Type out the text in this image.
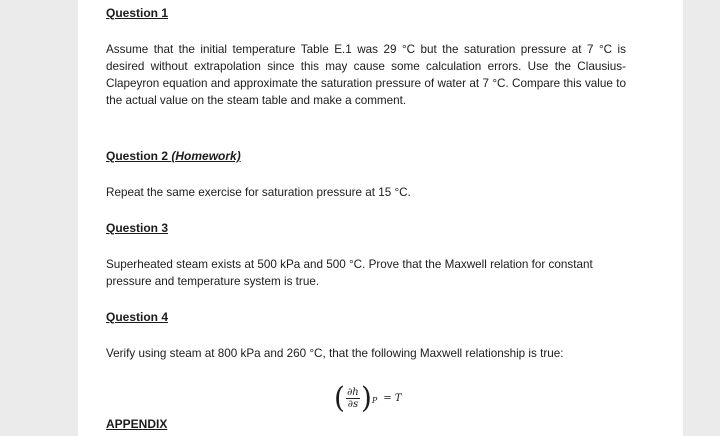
Question 1

Assume that the initial temperature Table E.1 was 29 °C but the saturation pressure at 7 °C is desired without extrapolation since this may cause some calculation errors. Use the Clausius-Clapeyron equation and approximate the saturation pressure of water at 7 °C. Compare this value to the actual value on the steam table and make a comment.

Question 2 (Homework)

Repeat the same exercise for saturation pressure at 15 °C.

Question 3

Superheated steam exists at 500 kPa and 500 °C. Prove that the Maxwell relation for constant pressure and temperature system is true.

Question 4

Verify using steam at 800 kPa and 260 °C, that the following Maxwell relationship is true:

( $\frac{\partial h}{\partial s}$ ) P = T

APPENDIX
